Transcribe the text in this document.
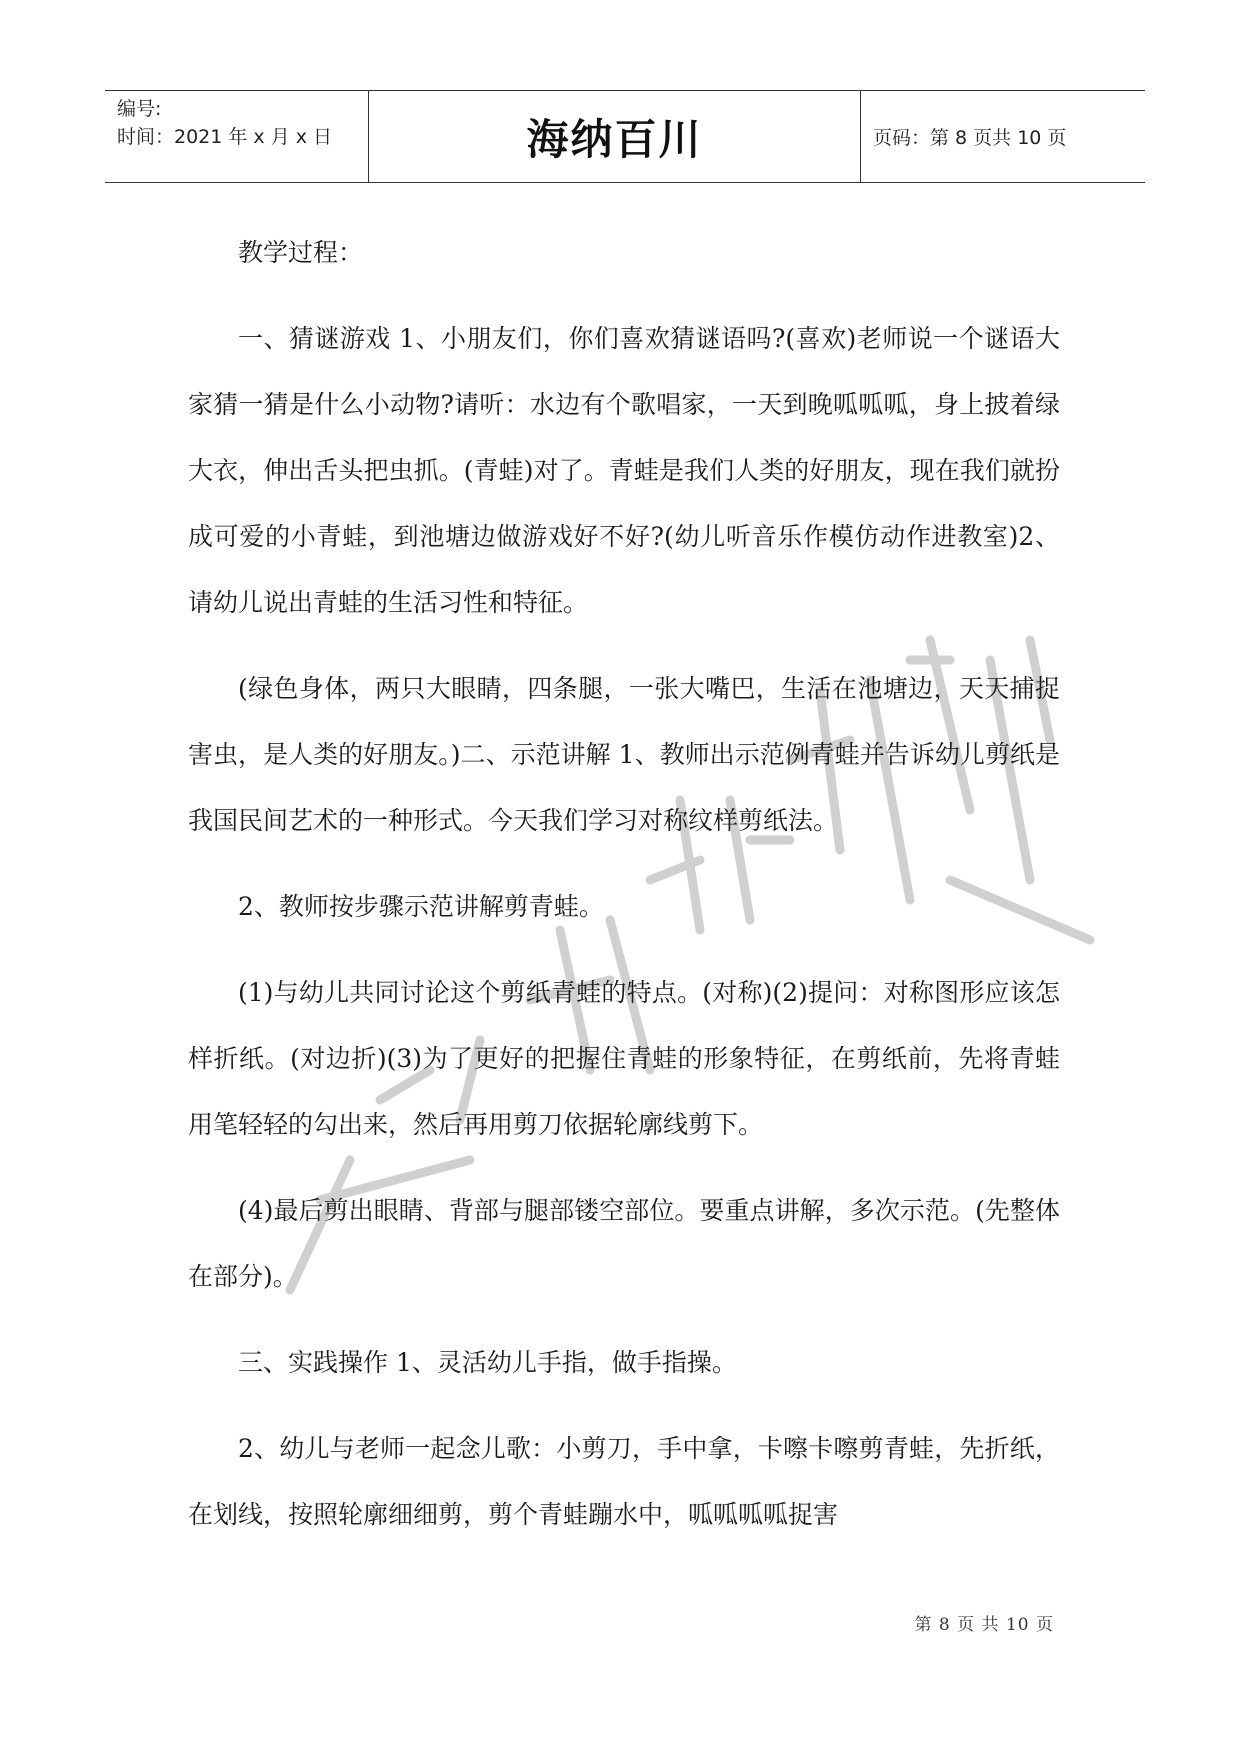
编号:
时间：2021 年 x 月 x 日	海纳百川	页码：第 8 页共 10 页

教学过程：

一、猜谜游戏 1、小朋友们，你们喜欢猜谜语吗?(喜欢)老师说一个谜语大家猜一猜是什么小动物?请听：水边有个歌唱家，一天到晚呱呱呱，身上披着绿大衣，伸出舌头把虫抓。(青蛙)对了。青蛙是我们人类的好朋友，现在我们就扮成可爱的小青蛙，到池塘边做游戏好不好?(幼儿听音乐作模仿动作进教室)2、请幼儿说出青蛙的生活习性和特征。

(绿色身体，两只大眼睛，四条腿，一张大嘴巴，生活在池塘边，天天捕捉害虫，是人类的好朋友。)二、示范讲解 1、教师出示范例青蛙并告诉幼儿剪纸是我国民间艺术的一种形式。今天我们学习对称纹样剪纸法。

2、教师按步骤示范讲解剪青蛙。

(1)与幼儿共同讨论这个剪纸青蛙的特点。(对称)(2)提问：对称图形应该怎样折纸。(对边折)(3)为了更好的把握住青蛙的形象特征，在剪纸前，先将青蛙用笔轻轻的勾出来，然后再用剪刀依据轮廓线剪下。

(4)最后剪出眼睛、背部与腿部镂空部位。要重点讲解，多次示范。(先整体在部分)。

三、实践操作 1、灵活幼儿手指，做手指操。

2、幼儿与老师一起念儿歌：小剪刀，手中拿，卡嚓卡嚓剪青蛙，先折纸，在划线，按照轮廓细细剪，剪个青蛙蹦水中，呱呱呱呱捉害

第 8 页 共 10 页
